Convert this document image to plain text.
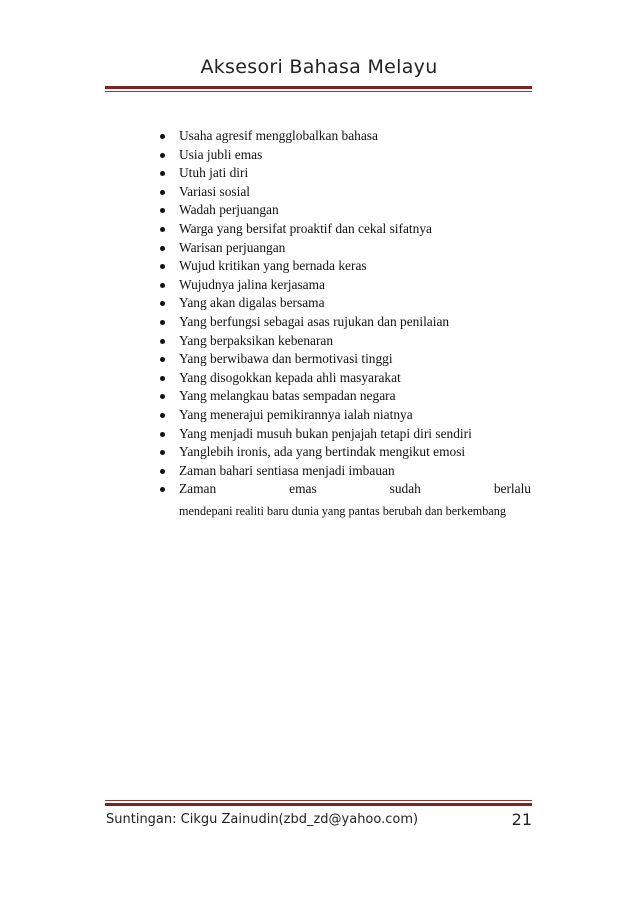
Aksesori Bahasa Melayu
Usaha agresif mengglobalkan bahasa
Usia jubli emas
Utuh jati diri
Variasi sosial
Wadah perjuangan
Warga yang bersifat proaktif dan cekal sifatnya
Warisan perjuangan
Wujud kritikan yang bernada keras
Wujudnya jalina kerjasama
Yang akan digalas bersama
Yang berfungsi sebagai asas rujukan dan penilaian
Yang berpaksikan kebenaran
Yang berwibawa dan bermotivasi tinggi
Yang disogokkan kepada ahli masyarakat
Yang melangkau batas sempadan negara
Yang menerajui pemikirannya ialah niatnya
Yang menjadi musuh bukan penjajah tetapi diri sendiri
Yanglebih ironis, ada yang bertindak mengikut emosi
Zaman bahari sentiasa menjadi imbauan
Zaman	emas	sudah	berlalu
mendepani realiti baru dunia yang pantas berubah dan berkembang
Suntingan: Cikgu Zainudin(zbd_zd@yahoo.com)	21
